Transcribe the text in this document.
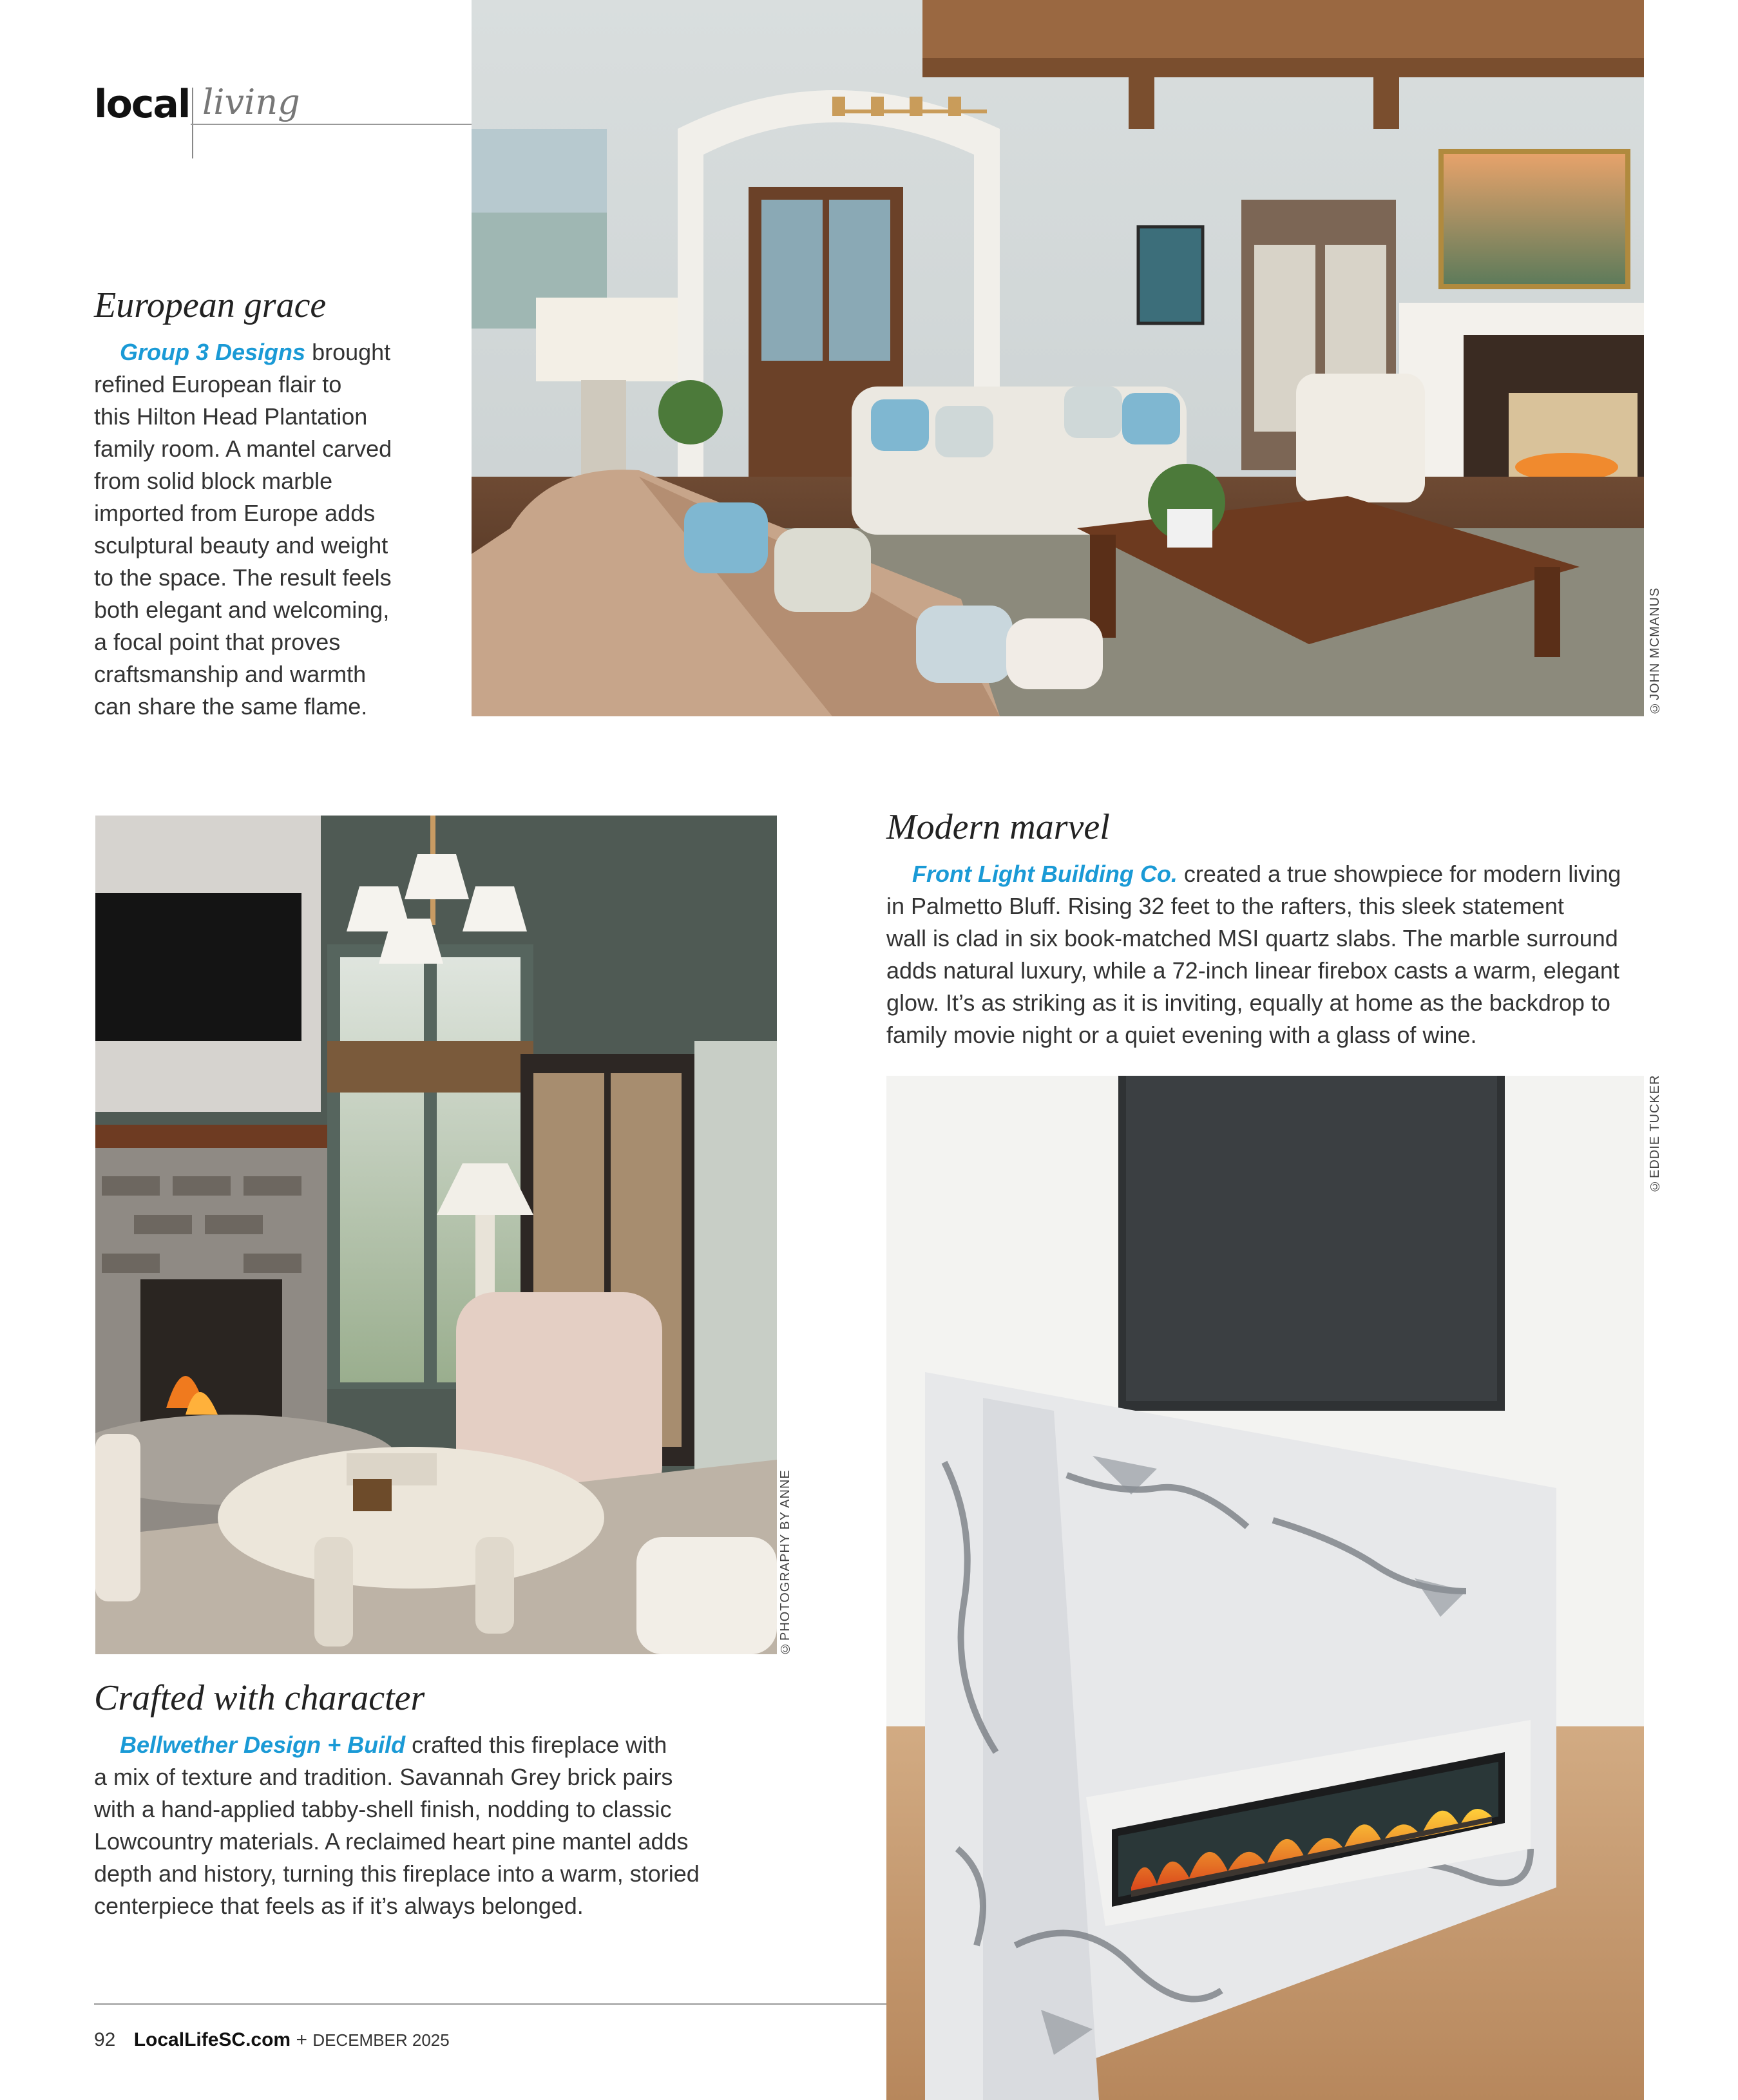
local living
©JOHN MCMANUS
European grace
Group 3 Designs brought
refined European flair to
this Hilton Head Plantation
family room. A mantel carved
from solid block marble
imported from Europe adds
sculptural beauty and weight
to the space. The result feels
both elegant and welcoming,
a focal point that proves
craftsmanship and warmth
can share the same flame.
©PHOTOGRAPHY BY ANNE
Modern marvel
Front Light Building Co. created a true showpiece for modern living
in Palmetto Bluff. Rising 32 feet to the rafters, this sleek statement
wall is clad in six book-matched MSI quartz slabs. The marble surround
adds natural luxury, while a 72-inch linear firebox casts a warm, elegant
glow. It’s as striking as it is inviting, equally at home as the backdrop to
family movie night or a quiet evening with a glass of wine.
©EDDIE TUCKER
Crafted with character
Bellwether Design + Build crafted this fireplace with
a mix of texture and tradition. Savannah Grey brick pairs
with a hand-applied tabby-shell finish, nodding to classic
Lowcountry materials. A reclaimed heart pine mantel adds
depth and history, turning this fireplace into a warm, storied
centerpiece that feels as if it’s always belonged.
92 LocalLifeSC.com + DECEMBER 2025
